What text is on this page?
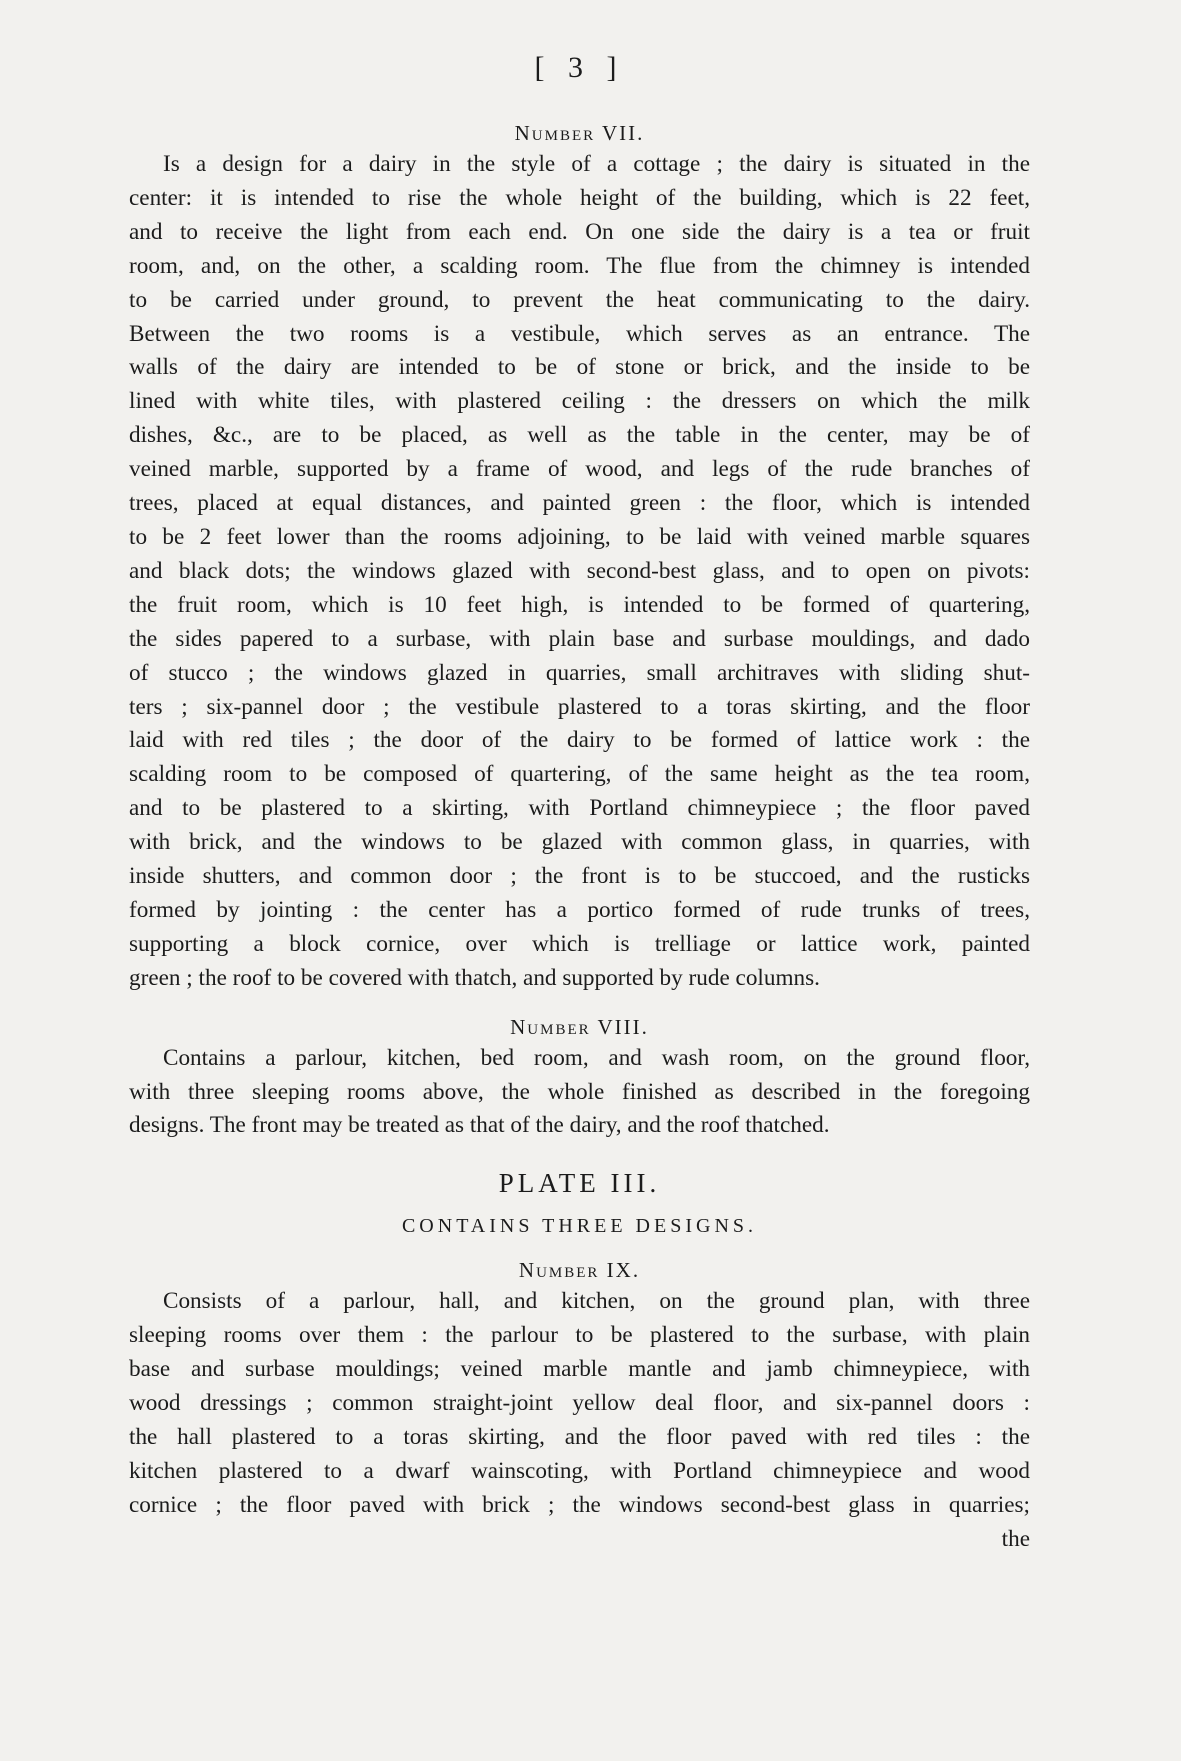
[ 3 ]
Number VII.
Is a design for a dairy in the style of a cottage ; the dairy is situated in the
center: it is intended to rise the whole height of the building, which is 22 feet,
and to receive the light from each end. On one side the dairy is a tea or fruit
room, and, on the other, a scalding room. The flue from the chimney is intended
to be carried under ground, to prevent the heat communicating to the dairy.
Between the two rooms is a vestibule, which serves as an entrance. The
walls of the dairy are intended to be of stone or brick, and the inside to be
lined with white tiles, with plastered ceiling : the dressers on which the milk
dishes, &c., are to be placed, as well as the table in the center, may be of
veined marble, supported by a frame of wood, and legs of the rude branches of
trees, placed at equal distances, and painted green : the floor, which is intended
to be 2 feet lower than the rooms adjoining, to be laid with veined marble squares
and black dots; the windows glazed with second-best glass, and to open on pivots:
the fruit room, which is 10 feet high, is intended to be formed of quartering,
the sides papered to a surbase, with plain base and surbase mouldings, and dado
of stucco ; the windows glazed in quarries, small architraves with sliding shut-
ters ; six-pannel door ; the vestibule plastered to a toras skirting, and the floor
laid with red tiles ; the door of the dairy to be formed of lattice work : the
scalding room to be composed of quartering, of the same height as the tea room,
and to be plastered to a skirting, with Portland chimneypiece ; the floor paved
with brick, and the windows to be glazed with common glass, in quarries, with
inside shutters, and common door ; the front is to be stuccoed, and the rusticks
formed by jointing : the center has a portico formed of rude trunks of trees,
supporting a block cornice, over which is trelliage or lattice work, painted
green ; the roof to be covered with thatch, and supported by rude columns.
Number VIII.
Contains a parlour, kitchen, bed room, and wash room, on the ground floor,
with three sleeping rooms above, the whole finished as described in the foregoing
designs. The front may be treated as that of the dairy, and the roof thatched.
PLATE III.
CONTAINS THREE DESIGNS.
Number IX.
Consists of a parlour, hall, and kitchen, on the ground plan, with three
sleeping rooms over them : the parlour to be plastered to the surbase, with plain
base and surbase mouldings; veined marble mantle and jamb chimneypiece, with
wood dressings ; common straight-joint yellow deal floor, and six-pannel doors :
the hall plastered to a toras skirting, and the floor paved with red tiles : the
kitchen plastered to a dwarf wainscoting, with Portland chimneypiece and wood
cornice ; the floor paved with brick ; the windows second-best glass in quarries;
the
